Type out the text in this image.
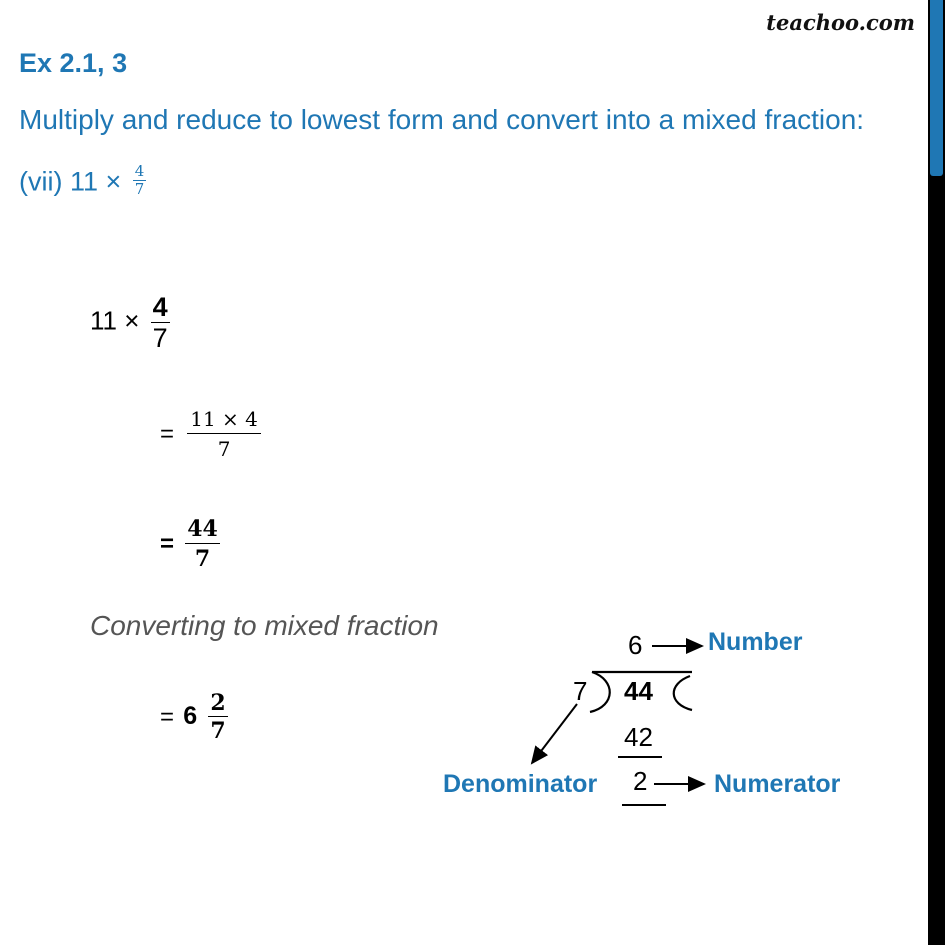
teachoo.com
Ex 2.1, 3
Multiply and reduce to lowest form and convert into a mixed fraction:
(vii) $11 \times \frac{4}{7}$
$11 \times \frac{4}{7}$
= $\frac{11 \times 4}{7}$
= $\frac{44}{7}$
Converting to mixed fraction
= $6 \frac{2}{7}$
6	Number
7 44
42
Denominator 2	Numerator
